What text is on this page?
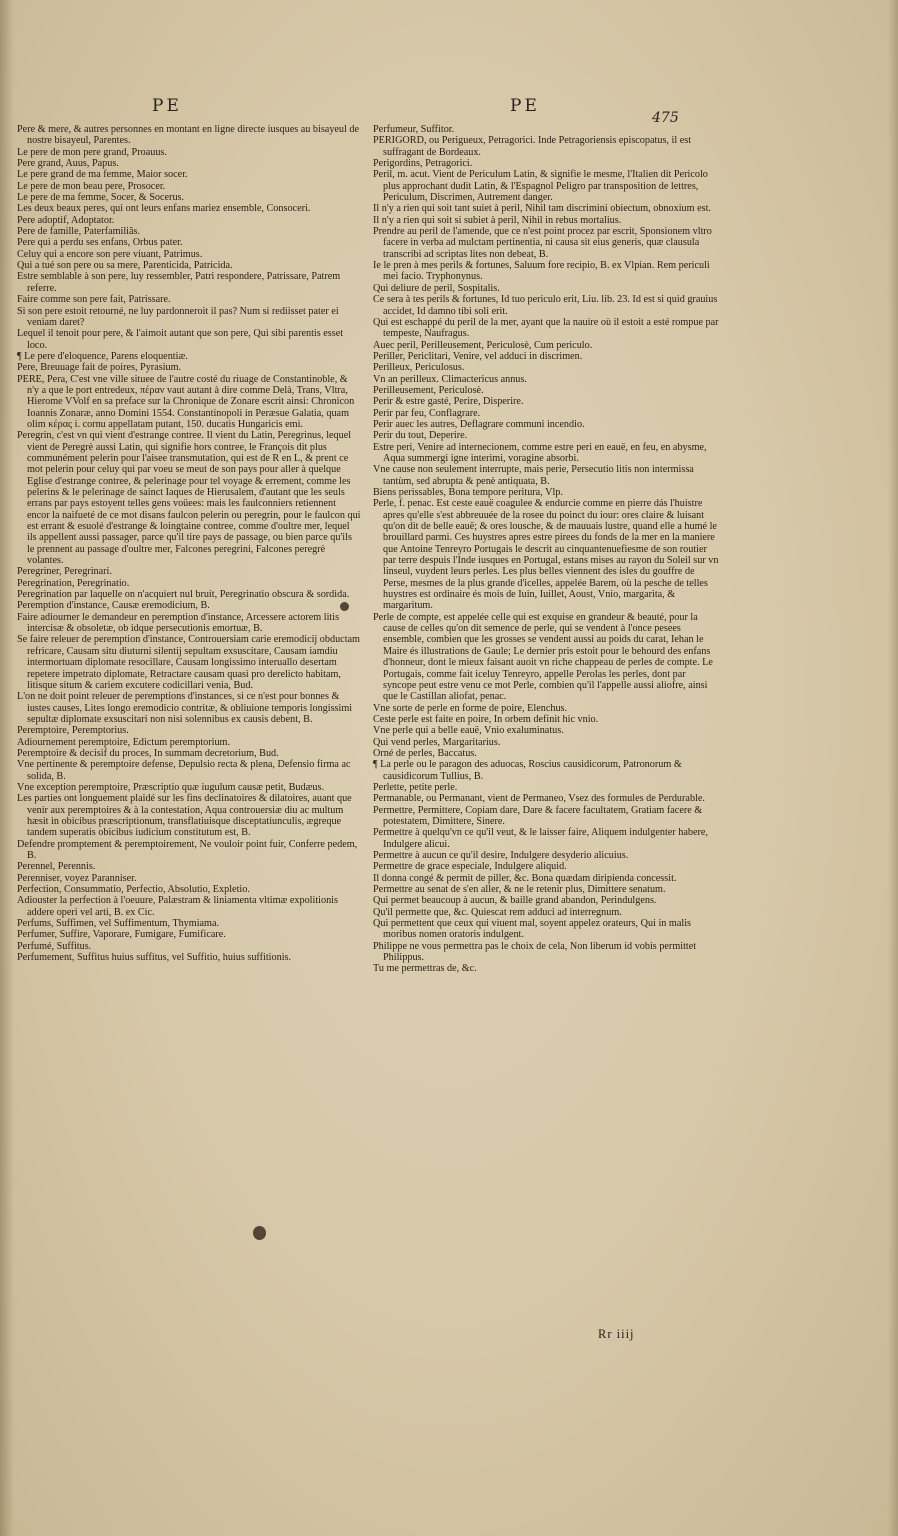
PE	PE
475

Pere & mere, & autres personnes en montant en ligne directe iusques au bisayeul de nostre bisayeul, Parentes.

Le pere de mon pere grand, Proauus.

Pere grand, Auus, Papus.

Le pere grand de ma femme, Maior socer.

Le pere de mon beau pere, Prosocer.

Le pere de ma femme, Socer, & Socerus.

Les deux beaux peres, qui ont leurs enfans mariez ensemble, Consoceri.

Pere adoptif, Adoptator.

Pere de famille, Paterfamiliâs.

Pere qui a perdu ses enfans, Orbus pater.

Celuy qui a encore son pere viuant, Patrimus.

Qui a tué son pere ou sa mere, Parenticida, Patricida.

Estre semblable à son pere, luy ressembler, Patri respondere, Patrissare, Patrem referre.

Faire comme son pere fait, Patrissare.

Si son pere estoit retourné, ne luy pardonneroit il pas? Num si rediisset pater ei veniam daret?

Lequel il tenoit pour pere, & l'aimoit autant que son pere, Qui sibi parentis esset loco.

¶ Le pere d'eloquence, Parens eloquentiæ.

Pere, Breuuage fait de poires, Pyrasium.

PERE, Pera, C'est vne ville situee de l'autre costé du riuage de Constantinoble, & n'y a que le port entredeux, πέραν vaut autant à dire comme Delà, Trans, Vltra, Hierome VVolf en sa preface sur la Chronique de Zonare escrit ainsi: Chronicon Ioannis Zonaræ, anno Domini 1554. Constantinopoli in Peræsue Galatia, quam olim κέρας i. cornu appellatam putant, 150. ducatis Hungaricis emi.

Peregrin, c'est vn qui vient d'estrange contree. Il vient du Latin, Peregrinus, lequel vient de Peregrè aussi Latin, qui signifie hors contree, le François dit plus communément pelerin pour l'aisee transmutation, qui est de R en L, & prent ce mot pelerin pour celuy qui par voeu se meut de son pays pour aller à quelque Eglise d'estrange contree, & pelerinage pour tel voyage & errement, comme les pelerins & le pelerinage de sainct Iaques de Hierusalem, d'autant que les seuls errans par pays estoyent telles gens voüees: mais les faulconniers retiennent encor la naifueté de ce mot disans faulcon pelerin ou peregrin, pour le faulcon qui est errant & esuolé d'estrange & loingtaine contree, comme d'oultre mer, lequel ils appellent aussi passager, parce qu'il tire pays de passage, ou bien parce qu'ils le prennent au passage d'oultre mer, Falcones peregrini, Falcones peregrè volantes.

Peregriner, Peregrinari.

Peregrination, Peregrinatio.

Peregrination par laquelle on n'acquiert nul bruit, Peregrinatio obscura & sordida.

Peremption d'instance, Causæ eremodicium, B.

Faire adiourner le demandeur en peremption d'instance, Arcessere actorem litis intercisæ & obsoletæ, ob idque persecutionis emortuæ, B.

Se faire releuer de peremption d'instance, Controuersiam carie eremodicij obductam refricare, Causam situ diuturni silentij sepultam exsuscitare, Causam iamdiu intermortuam diplomate resocillare, Causam longissimo interuallo desertam repetere impetrato diplomate, Retractare causam quasi pro derelicto habitam, litisque situm & cariem excutere codicillari venia, Bud.

L'on ne doit point releuer de peremptions d'instances, si ce n'est pour bonnes & iustes causes, Lites longo eremodicio contritæ, & obliuione temporis longissimi sepultæ diplomate exsuscitari non nisi solennibus ex causis debent, B.

Peremptoire, Peremptorius.

Adiournement peremptoire, Edictum peremptorium.

Peremptoire & decisif du proces, In summam decretorium, Bud.

Vne pertinente & peremptoire defense, Depulsio recta & plena, Defensio firma ac solida, B.

Vne exception peremptoire, Præscriptio quæ iugulum causæ petit, Budæus.

Les parties ont longuement plaidé sur les fins declinatoires & dilatoires, auant que venir aux peremptoires & à la contestation, Aqua controuersiæ diu ac multum hæsit in obicibus præscriptionum, transflatiuisque disceptatiunculis, ægreque tandem superatis obicibus iudicium constitutum est, B.

Defendre promptement & peremptoirement, Ne vouloir point fuir, Conferre pedem, B.

Perennel, Perennis.

Perenniser, voyez Paranniser.

Perfection, Consummatio, Perfectio, Absolutio, Expletio.

Adiouster la perfection à l'oeuure, Palæstram & liniamenta vltimæ expolitionis addere operi vel arti, B. ex Cic.

Perfums, Suffimen, vel Suffimentum, Thymiama.

Perfumer, Suffire, Vaporare, Fumigare, Fumificare.

Perfumé, Suffitus.

Perfumement, Suffitus huius suffitus, vel Suffitio, huius suffitionis.

Perfumeur, Suffitor.

PERIGORD, ou Perigueux, Petragorici. Inde Petragoriensis episcopatus, il est suffragant de Bordeaux.

Perigordins, Petragorici.

Peril, m. acut. Vient de Periculum Latin, & signifie le mesme, l'Italien dit Pericolo plus approchant dudit Latin, & l'Espagnol Peligro par transposition de lettres, Periculum, Discrimen, Autrement danger.

Il n'y a rien qui soit tant suiet à peril, Nihil tam discrimini obiectum, obnoxium est.

Il n'y a rien qui soit si subiet à peril, Nihil in rebus mortalius.

Prendre au peril de l'amende, que ce n'est point procez par escrit, Sponsionem vltro facere in verba ad mulctam pertinentia, ni causa sit eius generis, quæ clausula transcribi ad scriptas lites non debeat, B.

Ie le pren à mes perils & fortunes, Saluum fore recipio, B. ex Vlpian. Rem periculi mei facio. Tryphonynus.

Qui deliure de peril, Sospitalis.

Ce sera à tes perils & fortunes, Id tuo periculo erit, Liu. lib. 23. Id est si quid grauius accidet, Id damno tibi soli erit.

Qui est eschappé du peril de la mer, ayant que la nauire où il estoit a esté rompue par tempeste, Naufragus.

Auec peril, Perilleusement, Periculosè, Cum periculo.

Periller, Periclitari, Venire, vel adduci in discrimen.

Perilleux, Periculosus.

Vn an perilleux. Climactericus annus.

Perilleusement, Periculosè.

Perir & estre gasté, Perire, Disperire.

Perir par feu, Conflagrare.

Perir auec les autres, Deflagrare communi incendio.

Perir du tout, Deperire.

Estre peri, Venire ad internecionem, comme estre peri en eauë, en feu, en abysme, Aqua summergi igne interimi, voragine absorbi.

Vne cause non seulement interrupte, mais perie, Persecutio litis non intermissa tantùm, sed abrupta & penè antiquata, B.

Biens perissables, Bona tempore peritura, Vlp.

Perle, f. penac. Est ceste eauë coagulee & endurcie comme en pierre dás l'huistre apres qu'elle s'est abbreuuée de la rosee du poinct du iour: ores claire & luisant qu'on dit de belle eauë; & ores lousche, & de mauuais lustre, quand elle a humé le brouillard parmi. Ces huystres apres estre pirees du fonds de la mer en la maniere que Antoine Tenreyro Portugais le descrit au cinquantenuefiesme de son routier par terre despuis l'Inde iusques en Portugal, estans mises au rayon du Soleil sur vn linseul, vuydent leurs perles. Les plus belles viennent des isles du gouffre de Perse, mesmes de la plus grande d'icelles, appelée Barem, où la pesche de telles huystres est ordinaire és mois de Iuin, Iuillet, Aoust, Vnio, margarita, & margaritum.

Perle de compte, est appelée celle qui est exquise en grandeur & beauté, pour la cause de celles qu'on dit semence de perle, qui se vendent à l'once pesees ensemble, combien que les grosses se vendent aussi au poids du carat, Iehan le Maire és illustrations de Gaule; Le dernier pris estoit pour le behourd des enfans d'honneur, dont le mieux faisant auoit vn riche chappeau de perles de compte. Le Portugais, comme fait iceluy Tenreyro, appelle Perolas les perles, dont par syncope peut estre venu ce mot Perle, combien qu'il l'appelle aussi aliofre, ainsi que le Castillan aliofat, penac.

Vne sorte de perle en forme de poire, Elenchus.

Ceste perle est faite en poire, In orbem definit hic vnio.

Vne perle qui a belle eauë, Vnio exaluminatus.

Qui vend perles, Margaritarius.

Orné de perles, Baccatus.

¶ La perle ou le paragon des aduocas, Roscius causidicorum, Patronorum & causidicorum Tullius, B.

Perlette, petite perle.

Permanable, ou Permanant, vient de Permaneo, Vsez des formules de Perdurable.

Permettre, Permittere, Copiam dare, Dare & facere facultatem, Gratiam facere & potestatem, Dimittere, Sinere.

Permettre à quelqu'vn ce qu'il veut, & le laisser faire, Aliquem indulgenter habere, Indulgere alicui.

Permettre à aucun ce qu'il desire, Indulgere desyderio alicuius.

Permettre de grace especiale, Indulgere aliquid.

Il donna congé & permit de piller, &c. Bona quædam diripienda concessit.

Permettre au senat de s'en aller, & ne le retenir plus, Dimittere senatum.

Qui permet beaucoup à aucun, & baille grand abandon, Perindulgens.

Qu'il permette que, &c. Quiescat rem adduci ad interregnum.

Qui permettent que ceux qui viuent mal, soyent appelez orateurs, Qui in malis moribus nomen oratoris indulgent.

Philippe ne vous permettra pas le choix de cela, Non liberum id vobis permittet Philippus.

Tu me permettras de, &c.

Rr iiij
